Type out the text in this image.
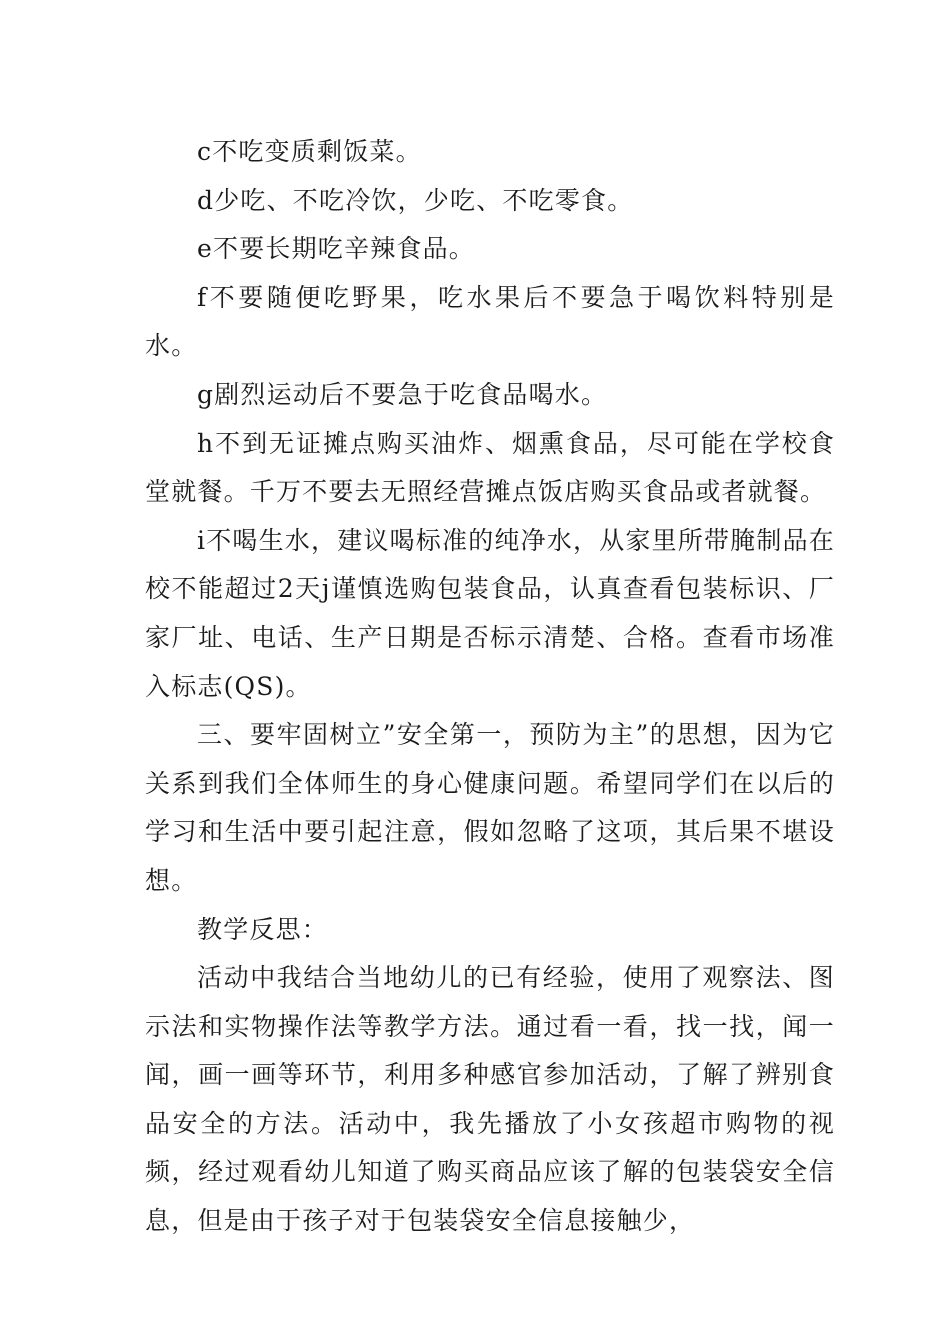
c不吃变质剩饭菜。

d少吃、不吃冷饮，少吃、不吃零食。

e不要长期吃辛辣食品。

f不要随便吃野果，吃水果后不要急于喝饮料特别是水。

g剧烈运动后不要急于吃食品喝水。

h不到无证摊点购买油炸、烟熏食品，尽可能在学校食堂就餐。千万不要去无照经营摊点饭店购买食品或者就餐。

i不喝生水，建议喝标准的纯净水，从家里所带腌制品在校不能超过2天j谨慎选购包装食品，认真查看包装标识、厂家厂址、电话、生产日期是否标示清楚、合格。查看市场准入标志(QS)。

三、要牢固树立”安全第一，预防为主”的思想，因为它关系到我们全体师生的身心健康问题。希望同学们在以后的学习和生活中要引起注意，假如忽略了这项，其后果不堪设想。

教学反思：

活动中我结合当地幼儿的已有经验，使用了观察法、图示法和实物操作法等教学方法。通过看一看，找一找，闻一闻，画一画等环节，利用多种感官参加活动，了解了辨别食品安全的方法。活动中，我先播放了小女孩超市购物的视频，经过观看幼儿知道了购买商品应该了解的包装袋安全信息，但是由于孩子对于包装袋安全信息接触少，
